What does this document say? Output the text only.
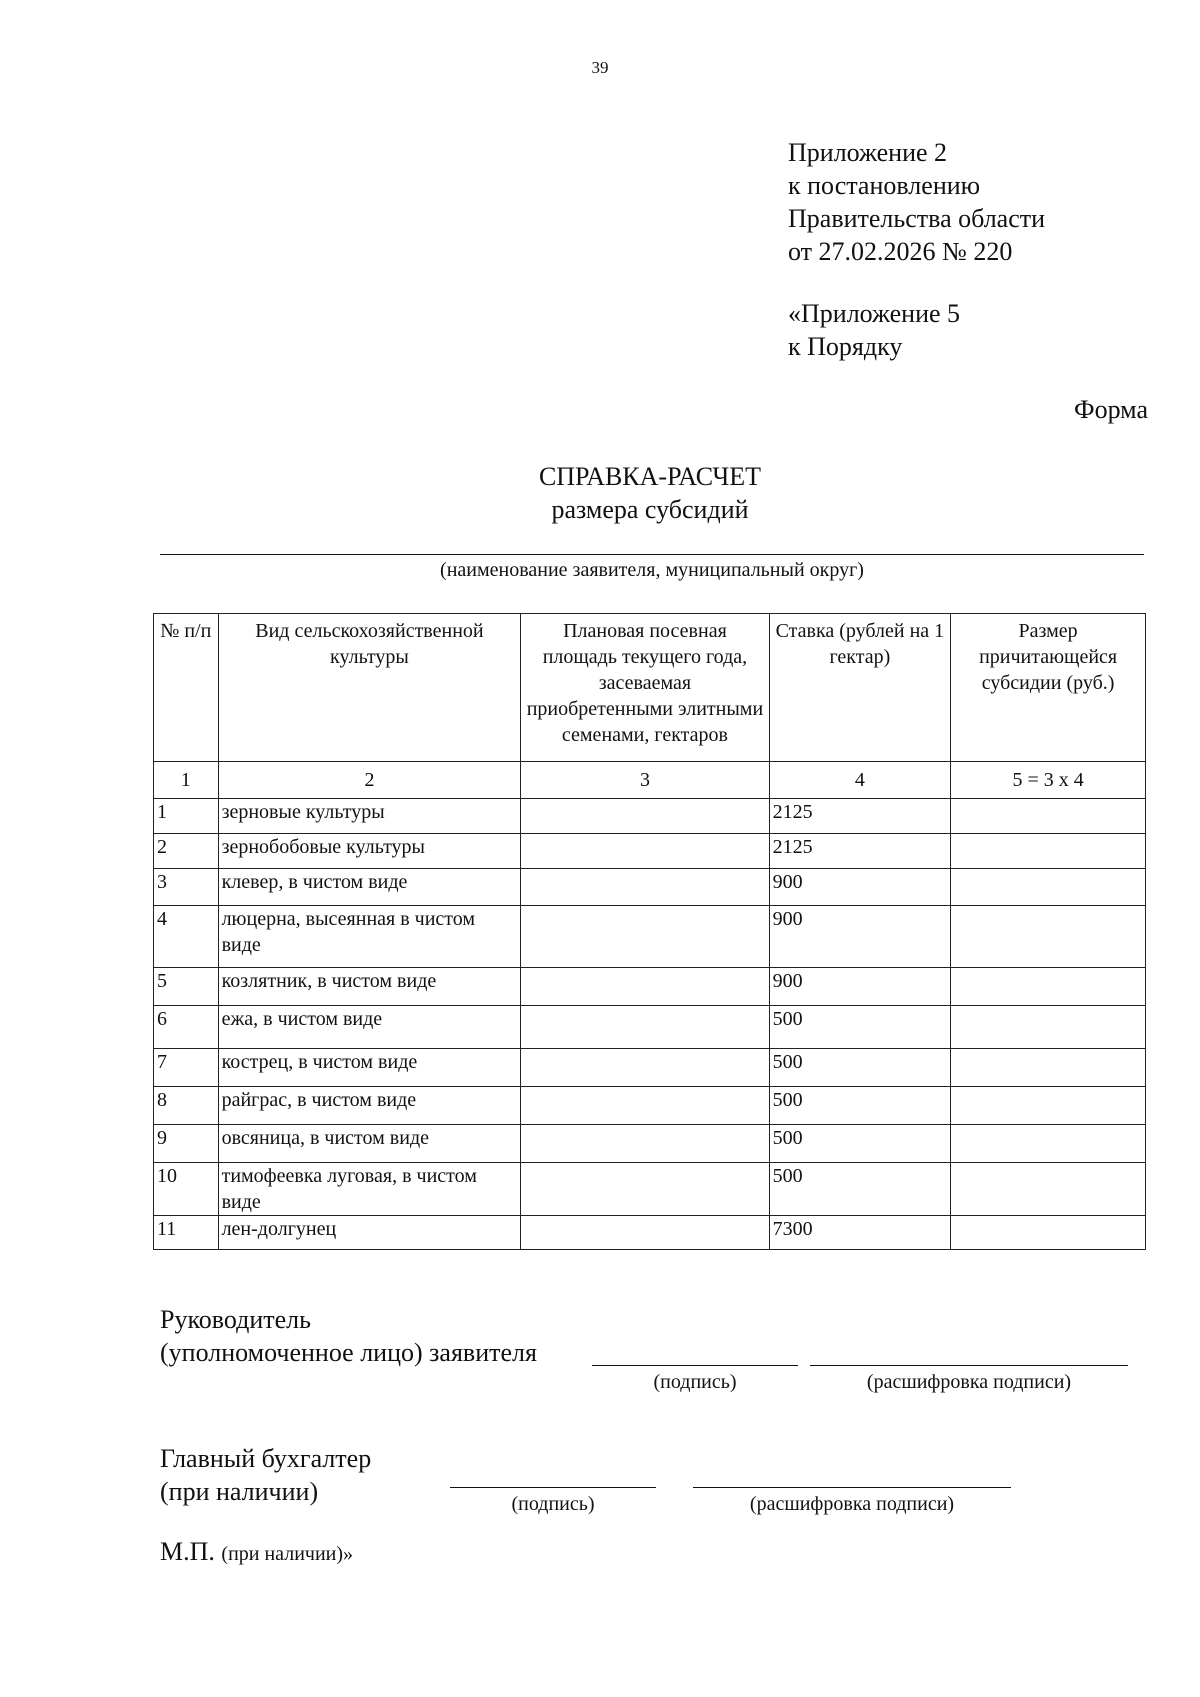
39
Приложение 2
к постановлению
Правительства области
от 27.02.2026 № 220
«Приложение 5
к Порядку
Форма
СПРАВКА-РАСЧЕТ
размера субсидий
(наименование заявителя, муниципальный округ)
№ п/п	Вид сельскохозяйственной культуры	Плановая посевная площадь текущего года, засеваемая приобретенными элитными семенами, гектаров	Ставка (рублей на 1 гектар)	Размер причитающейся субсидии (руб.)
1	2	3	4	5 = 3 х 4
1	зерновые культуры		2125	
2	зернобобовые культуры		2125	
3	клевер, в чистом виде		900	
4	люцерна, высеянная в чистом виде		900	
5	козлятник, в чистом виде		900	
6	ежа, в чистом виде		500	
7	кострец, в чистом виде		500	
8	райграс, в чистом виде		500	
9	овсяница, в чистом виде		500	
10	тимофеевка луговая, в чистом виде		500	
11	лен-долгунец		7300	
Руководитель
(уполномоченное лицо) заявителя
(подпись)	(расшифровка подписи)
Главный бухгалтер
(при наличии)	(подпись)	(расшифровка подписи)
М.П. (при наличии)»
